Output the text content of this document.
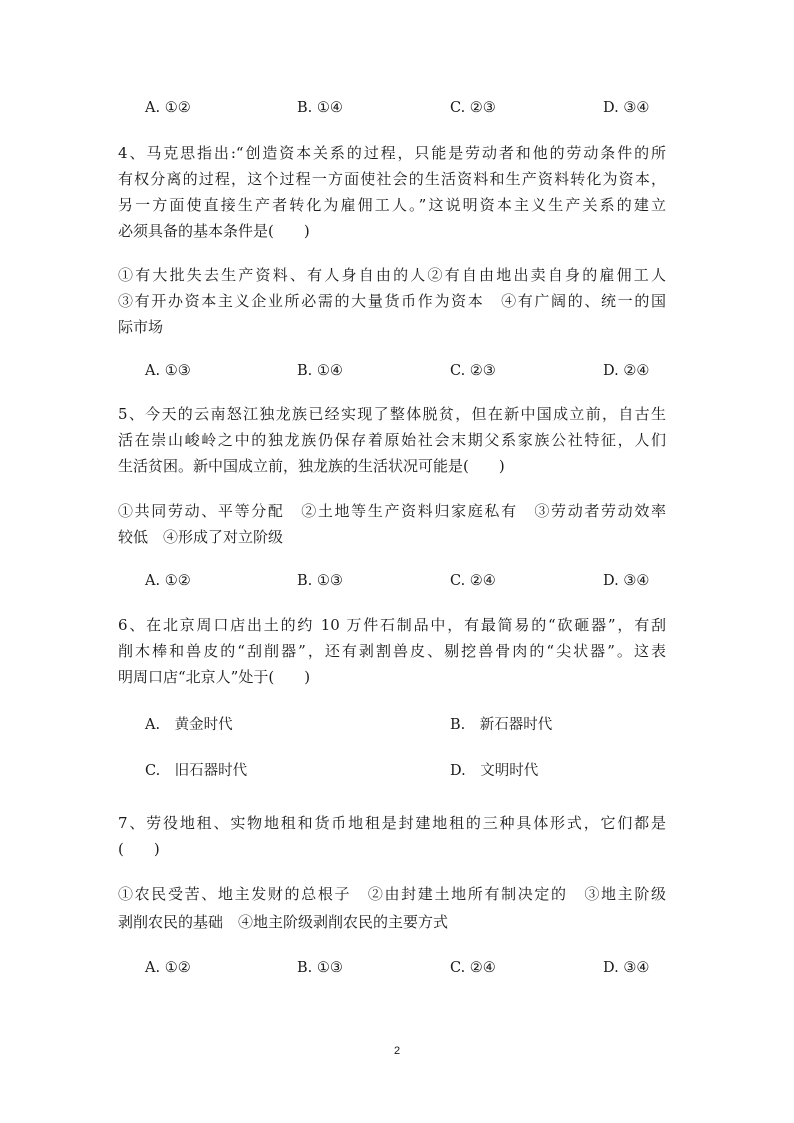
A. ①②	B. ①④	C. ②③	D. ③④
4、马克思指出:“创造资本关系的过程，只能是劳动者和他的劳动条件的所
有权分离的过程，这个过程一方面使社会的生活资料和生产资料转化为资本，
另一方面使直接生产者转化为雇佣工人。”这说明资本主义生产关系的建立
必须具备的基本条件是(　　)
①有大批失去生产资料、有人身自由的人②有自由地出卖自身的雇佣工人
③有开办资本主义企业所必需的大量货币作为资本　④有广阔的、统一的国
际市场
A. ①③	B. ①④	C. ②③	D. ②④
5、今天的云南怒江独龙族已经实现了整体脱贫，但在新中国成立前，自古生
活在崇山峻岭之中的独龙族仍保存着原始社会末期父系家族公社特征，人们
生活贫困。新中国成立前，独龙族的生活状况可能是(　　)
①共同劳动、平等分配　②土地等生产资料归家庭私有　③劳动者劳动效率
较低　④形成了对立阶级
A. ①②	B. ①③	C. ②④	D. ③④
6、在北京周口店出土的约 10 万件石制品中，有最简易的“砍砸器”，有刮
削木棒和兽皮的“刮削器”，还有剥割兽皮、剔挖兽骨肉的“尖状器”。这表
明周口店“北京人”处于(　　)
A.　黄金时代	B.　新石器时代
C.　旧石器时代	D.　文明时代
7、劳役地租、实物地租和货币地租是封建地租的三种具体形式，它们都是
(　　)
①农民受苦、地主发财的总根子　②由封建土地所有制决定的　③地主阶级
剥削农民的基础　④地主阶级剥削农民的主要方式
A. ①②	B. ①③	C. ②④	D. ③④
2
